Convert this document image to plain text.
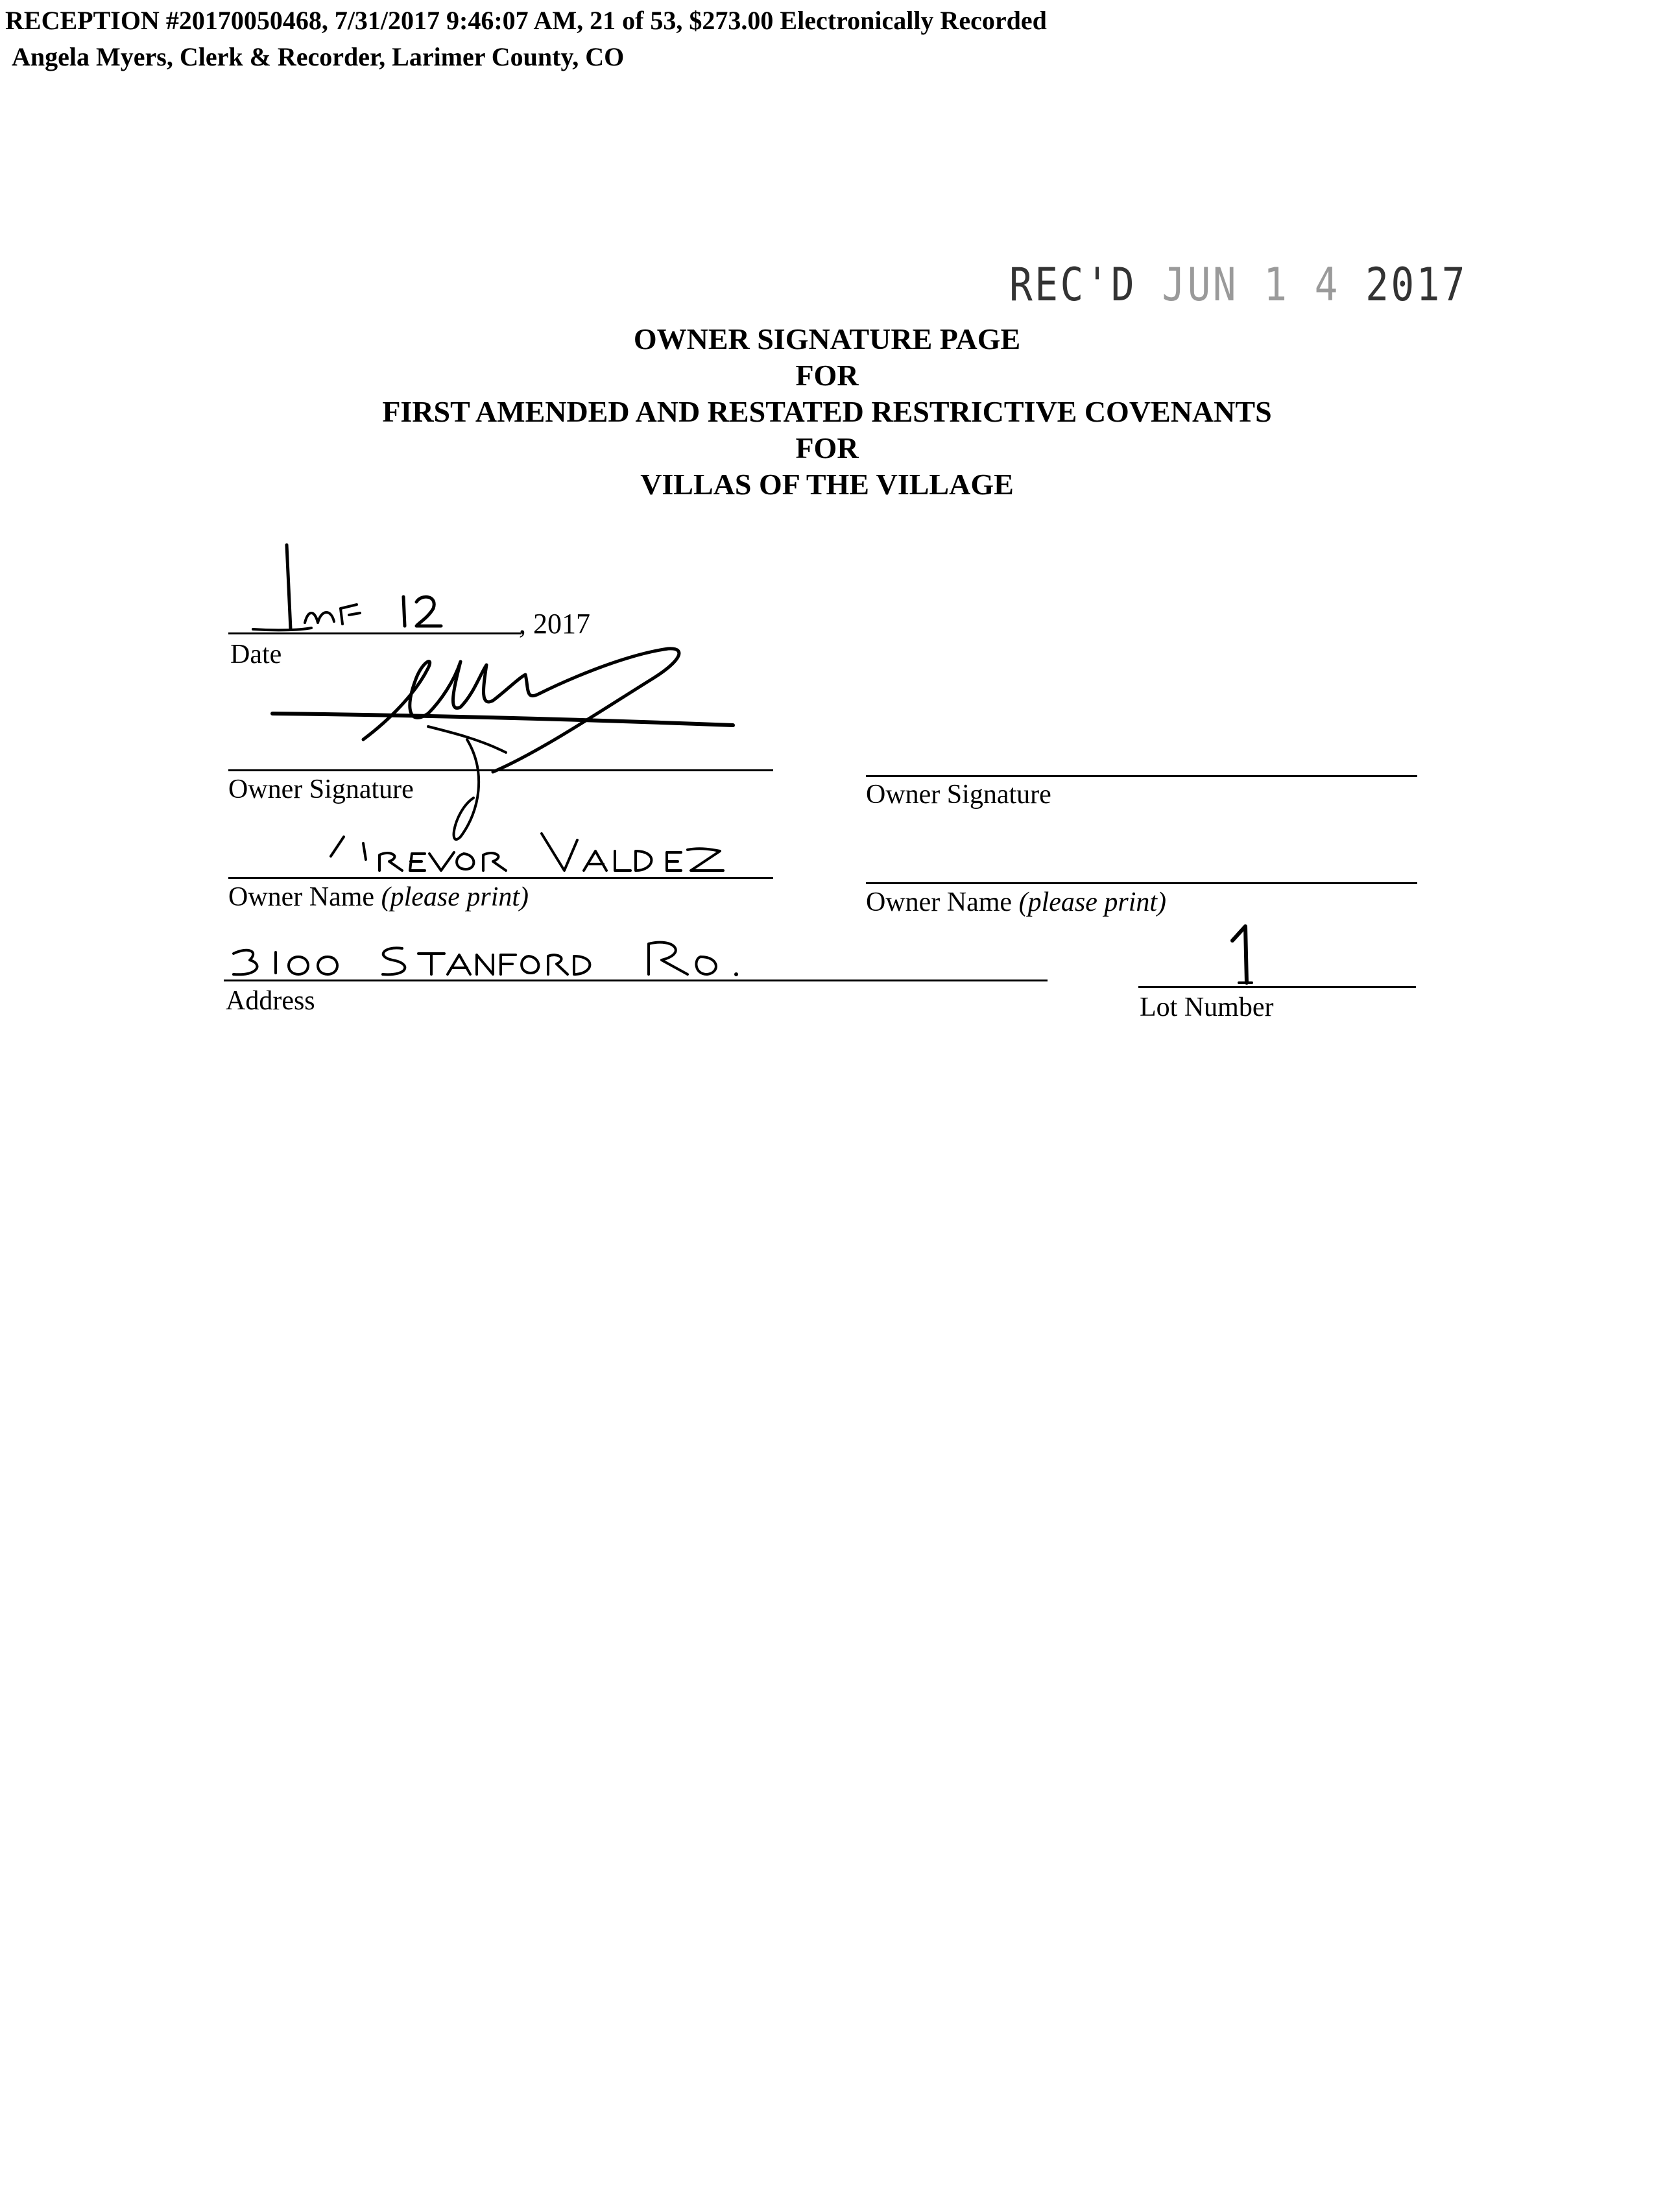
RECEPTION #20170050468, 7/31/2017 9:46:07 AM, 21 of 53, $273.00 Electronically Recorded
Angela Myers, Clerk & Recorder, Larimer County, CO
REC'D JUN 1 4 2017
OWNER SIGNATURE PAGE
FOR
FIRST AMENDED AND RESTATED RESTRICTIVE COVENANTS
FOR
VILLAS OF THE VILLAGE
, 2017
Date
Owner Signature	Owner Signature
Owner Name (please print)	Owner Name (please print)
Address	Lot Number
